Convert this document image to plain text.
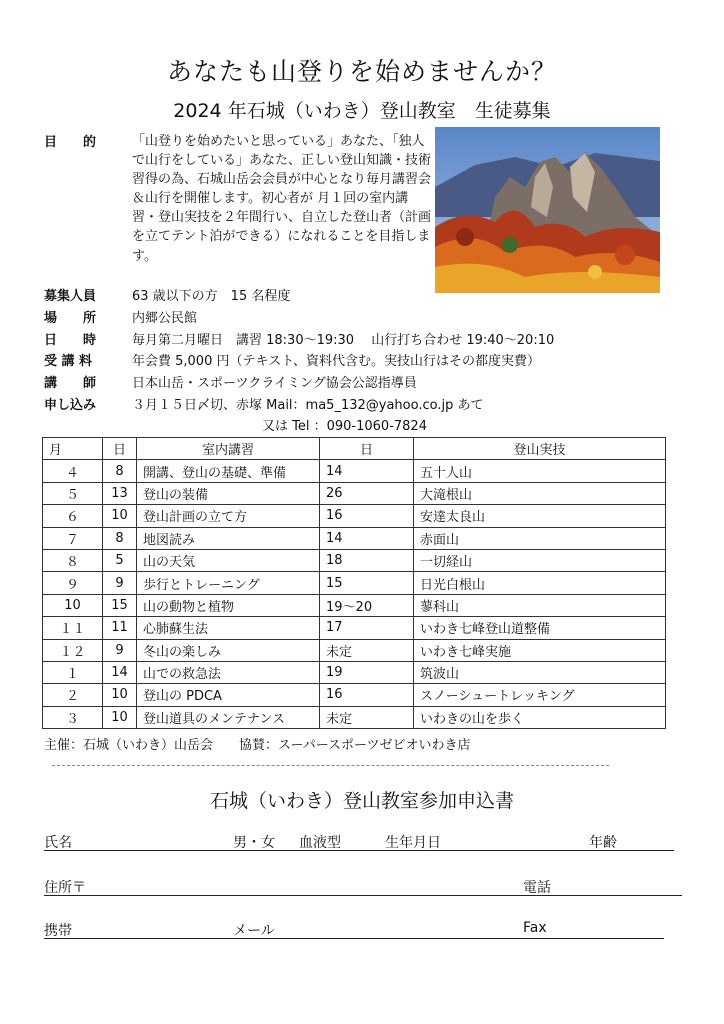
あなたも山登りを始めませんか？
2024 年石城（いわき）登山教室　生徒募集
目　　的	「山登りを始めたいと思っている」あなた、「独人で山行をしている」あなた、正しい登山知識・技術習得の為、石城山岳会会員が中心となり毎月講習会＆山行を開催します。初心者が 月１回の室内講習・登山実技を２年間行い、自立した登山者（計画を立てテント泊ができる）になれることを目指します。
募集人員	63 歳以下の方　15 名程度
場　　所	内郷公民館
日　　時	毎月第二月曜日　講習 18:30～19:30　 山行打ち合わせ 19:40～20:10
受 講 料	年会費 5,000 円（テキスト、資料代含む。実技山行はその都度実費）
講　　師	日本山岳・スポーツクライミング協会公認指導員
申し込み	３月１５日〆切、赤塚 Mail：ma5_132@yahoo.co.jp あて
又は Tel ：090-1060-7824
月	日	室内講習	日	登山実技
４	8	開講、登山の基礎、準備	14	五十人山
５	13	登山の装備	26	大滝根山
６	10	登山計画の立て方	16	安達太良山
７	8	地図読み	14	赤面山
８	5	山の天気	18	一切経山
９	9	歩行とトレーニング	15	日光白根山
10	15	山の動物と植物	19～20	蓼科山
１１	11	心肺蘇生法	17	いわき七峰登山道整備
１２	9	冬山の楽しみ	未定	いわき七峰実施
１	14	山での救急法	19	筑波山
２	10	登山の PDCA	16	スノーシュートレッキング
３	10	登山道具のメンテナンス	未定	いわきの山を歩く
主催：石城（いわき）山岳会　　協賛：スーパースポーツゼビオいわき店
石城（いわき）登山教室参加申込書
氏名	男・女 血液型	生年月日	年齢
住所〒	電話
携帯	メール	Fax
